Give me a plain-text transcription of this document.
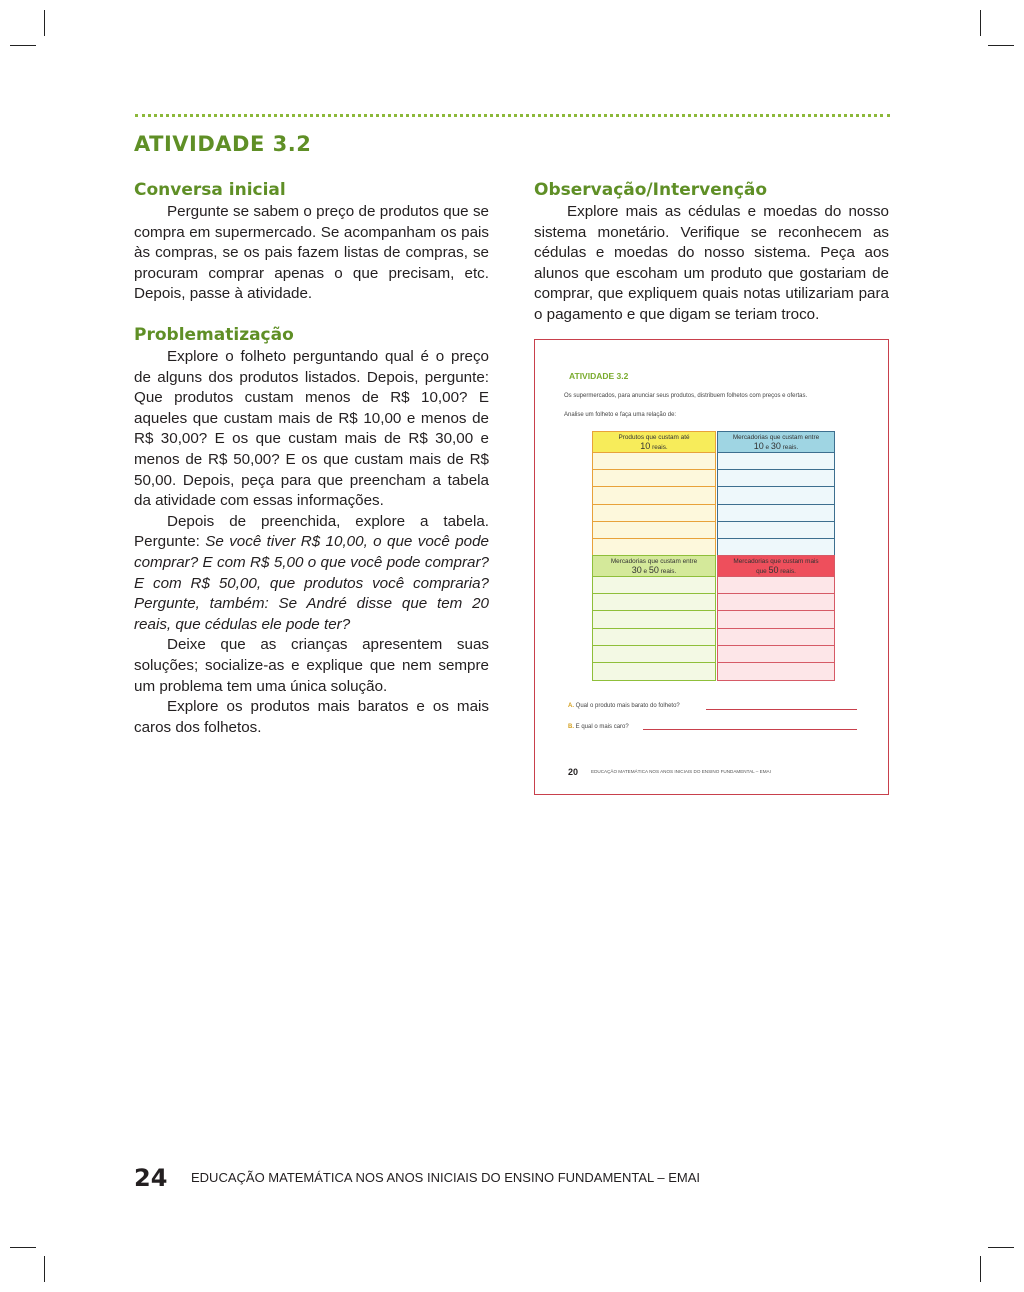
ATIVIDADE 3.2
Conversa inicial

Pergunte se sabem o preço de produtos que se compra em supermercado. Se acompanham os pais às compras, se os pais fazem listas de compras, se procuram comprar apenas o que precisam, etc. Depois, passe à atividade.

Problematização

Explore o folheto perguntando qual é o preço de alguns dos produtos listados. Depois, pergunte: Que produtos custam menos de R$ 10,00? E aqueles que custam mais de R$ 10,00 e menos de R$ 30,00? E os que custam mais de R$ 30,00 e menos de R$ 50,00? E os que custam mais de R$ 50,00. Depois, peça para que preencham a tabela da atividade com essas informações.

Depois de preenchida, explore a tabela. Pergunte: Se você tiver R$ 10,00, o que você pode comprar? E com R$ 5,00 o que você pode comprar? E com R$ 50,00, que produtos você compraria? Pergunte, também: Se André disse que tem 20 reais, que cédulas ele pode ter?

Deixe que as crianças apresentem suas soluções; socialize-as e explique que nem sempre um problema tem uma única solução.

Explore os produtos mais baratos e os mais caros dos folhetos.

Observação/Intervenção

Explore mais as cédulas e moedas do nosso sistema monetário. Verifique se reconhecem as cédulas e moedas do nosso sistema. Peça aos alunos que escoham um produto que gostariam de comprar, que expliquem quais notas utilizariam para o pagamento e que digam se teriam troco.

ATIVIDADE 3.2

Os supermercados, para anunciar seus produtos, distribuem folhetos com preços e ofertas.

Analise um folheto e faça uma relação de:

Produtos que custam até
10 reais.
Mercadorias que custam entre
10 e 30 reais.
Mercadorias que custam entre
30 e 50 reais.
Mercadorias que custam mais
que 50 reais.
A. Qual o produto mais barato do folheto?
B. E qual o mais caro?

20	EDUCAÇÃO MATEMÁTICA NOS ANOS INICIAIS DO ENSINO FUNDAMENTAL – EMAI

24 EDUCAÇÃO MATEMÁTICA NOS ANOS INICIAIS DO ENSINO FUNDAMENTAL – EMAI
